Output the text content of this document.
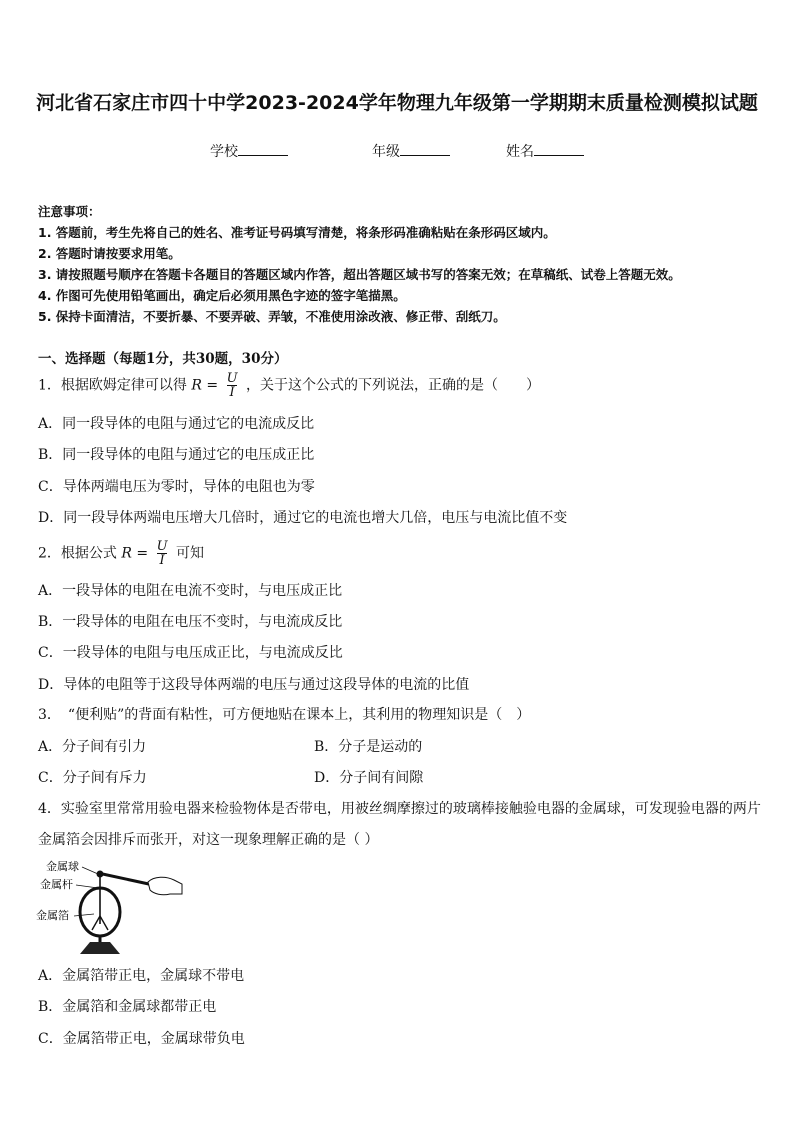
河北省石家庄市四十中学2023-2024学年物理九年级第一学期期末质量检测模拟试题
学校	年级	姓名
注意事项：
1. 答题前，考生先将自己的姓名、准考证号码填写清楚，将条形码准确粘贴在条形码区域内。
2. 答题时请按要求用笔。
3. 请按照题号顺序在答题卡各题目的答题区域内作答，超出答题区域书写的答案无效；在草稿纸、试卷上答题无效。
4. 作图可先使用铅笔画出，确定后必须用黑色字迹的签字笔描黑。
5. 保持卡面清洁，不要折暴、不要弄破、弄皱，不准使用涂改液、修正带、刮纸刀。
一、选择题（每题1分，共30题，30分）
1．根据欧姆定律可以得 $R = \frac{U}{I}$ ，关于这个公式的下列说法，正确的是（　　）
A．同一段导体的电阻与通过它的电流成反比
B．同一段导体的电阻与通过它的电压成正比
C．导体两端电压为零时，导体的电阻也为零
D．同一段导体两端电压增大几倍时，通过它的电流也增大几倍，电压与电流比值不变
2．根据公式 $R = \frac{U}{I}$ 可知
A．一段导体的电阻在电流不变时，与电压成正比
B．一段导体的电阻在电压不变时，与电流成反比
C．一段导体的电阻与电压成正比，与电流成反比
D．导体的电阻等于这段导体两端的电压与通过这段导体的电流的比值
3．　“便利贴”的背面有粘性，可方便地贴在课本上，其利用的物理知识是（　）
A．分子间有引力	B．分子是运动的
C．分子间有斥力	D．分子间有间隙
4．实验室里常常用验电器来检验物体是否带电，用被丝绸摩擦过的玻璃棒接触验电器的金属球，可发现验电器的两片
金属箔会因排斥而张开，对这一现象理解正确的是（ ）
金属球
金属杆
金属箔
A．金属箔带正电，金属球不带电
B．金属箔和金属球都带正电
C．金属箔带正电，金属球带负电
